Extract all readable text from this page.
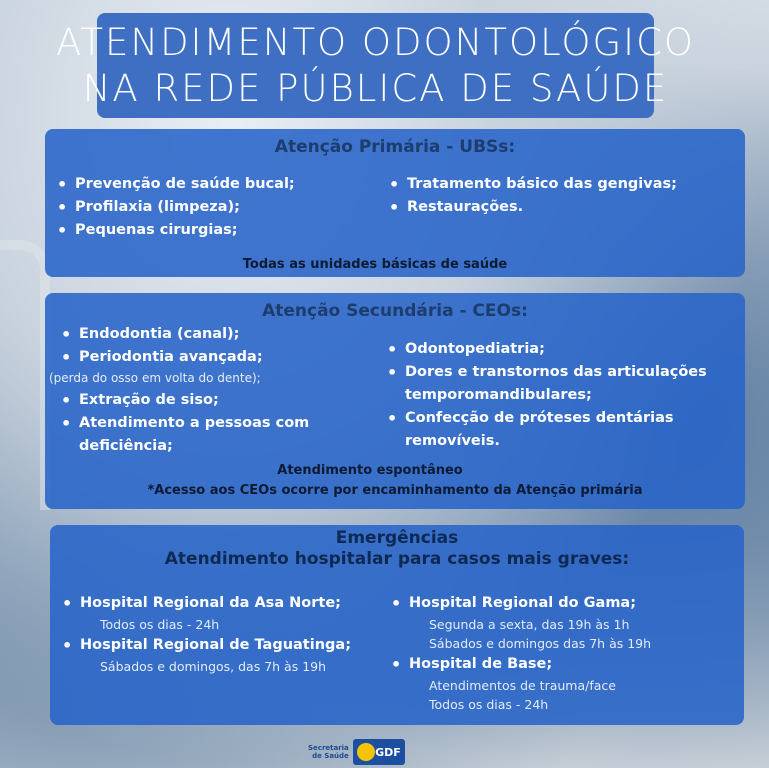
ATENDIMENTO ODONTOLÓGICO
NA REDE PÚBLICA DE SAÚDE
Atenção Primária - UBSs:
• Prevenção de saúde bucal;
• Profilaxia (limpeza);
• Pequenas cirurgias;
• Tratamento básico das gengivas;
• Restaurações.
Todas as unidades básicas de saúde
Atenção Secundária - CEOs:
• Endodontia (canal);
• Periodontia avançada;
(perda do osso em volta do dente);
• Extração de siso;
• Atendimento a pessoas com deficiência;
• Odontopediatria;
• Dores e transtornos das articulações temporomandibulares;
• Confecção de próteses dentárias removíveis.
Atendimento espontâneo
*Acesso aos CEOs ocorre por encaminhamento da Atenção primária
Emergências
Atendimento hospitalar para casos mais graves:
• Hospital Regional da Asa Norte;
Todos os dias - 24h
• Hospital Regional de Taguatinga;
Sábados e domingos, das 7h às 19h
• Hospital Regional do Gama;
Segunda a sexta, das 19h às 1h
Sábados e domingos das 7h às 19h
• Hospital de Base;
Atendimentos de trauma/face
Todos os dias - 24h
Secretaria
de Saúde GDF
